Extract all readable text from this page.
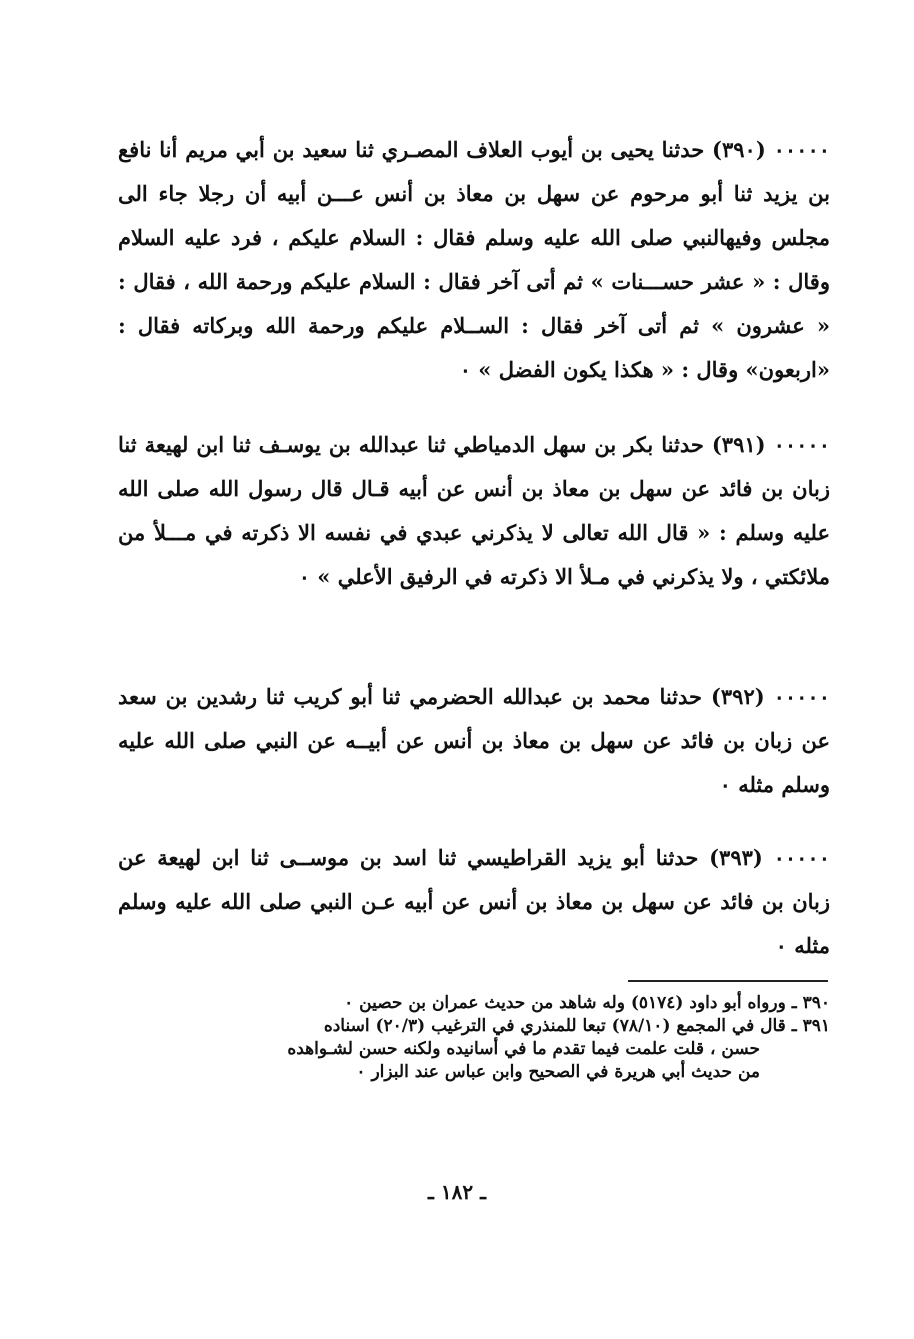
٠٠٠٠٠ (٣٩٠) حدثنا يحيى بن أيوب العلاف المصـري ثنا سعيد بن أبي مريم أنا نافع بن يزيد ثنا أبو مرحوم عن سهل بن معاذ بن أنس عـــن أبيه أن رجلا جاء الى مجلس وفيهالنبي صلى الله عليه وسلم فقال : السلام عليكم ، فرد عليه السلام وقال : « عشر حســـنات » ثم أتى آخر فقال : السلام عليكم ورحمة الله ، فقال : « عشرون » ثم أتى آخر فقال : الســلام عليكم ورحمة الله وبركاته فقال : «اربعون» وقال : « هكذا يكون الفضل » ٠
٠٠٠٠٠ (٣٩١) حدثنا بكر بن سهل الدمياطي ثنا عبدالله بن يوسـف ثنا ابن لهيعة ثنا زبان بن فائد عن سهل بن معاذ بن أنس عن أبيه قـال قال رسول الله صلى الله عليه وسلم : « قال الله تعالى لا يذكرني عبدي في نفسه الا ذكرته في مـــلأ من ملائكتي ، ولا يذكرني في مـلأ الا ذكرته في الرفيق الأعلي » ٠
٠٠٠٠٠ (٣٩٢) حدثنا محمد بن عبدالله الحضرمي ثنا أبو كريب ثنا رشدين بن سعد عن زبان بن فائد عن سهل بن معاذ بن أنس عن أبيــه عن النبي صلى الله عليه وسلم مثله ٠
٠٠٠٠٠ (٣٩٣) حدثنا أبو يزيد القراطيسي ثنا اسد بن موســى ثنا ابن لهيعة عن زبان بن فائد عن سهل بن معاذ بن أنس عن أبيه عـن النبي صلى الله عليه وسلم مثله ٠
٣٩٠ ـ ورواه أبو داود (٥١٧٤) وله شاهد من حديث عمران بن حصين ٠
٣٩١ ـ قال في المجمع (٧٨/١٠) تبعا للمنذري في الترغيب (٢٠/٣) اسناده
حسن ، قلت علمت فيما تقدم ما في أسانيده ولكنه حسن لشـواهده
من حديث أبي هريرة في الصحيح وابن عباس عند البزار ٠
ـ ١٨٢ ـ
